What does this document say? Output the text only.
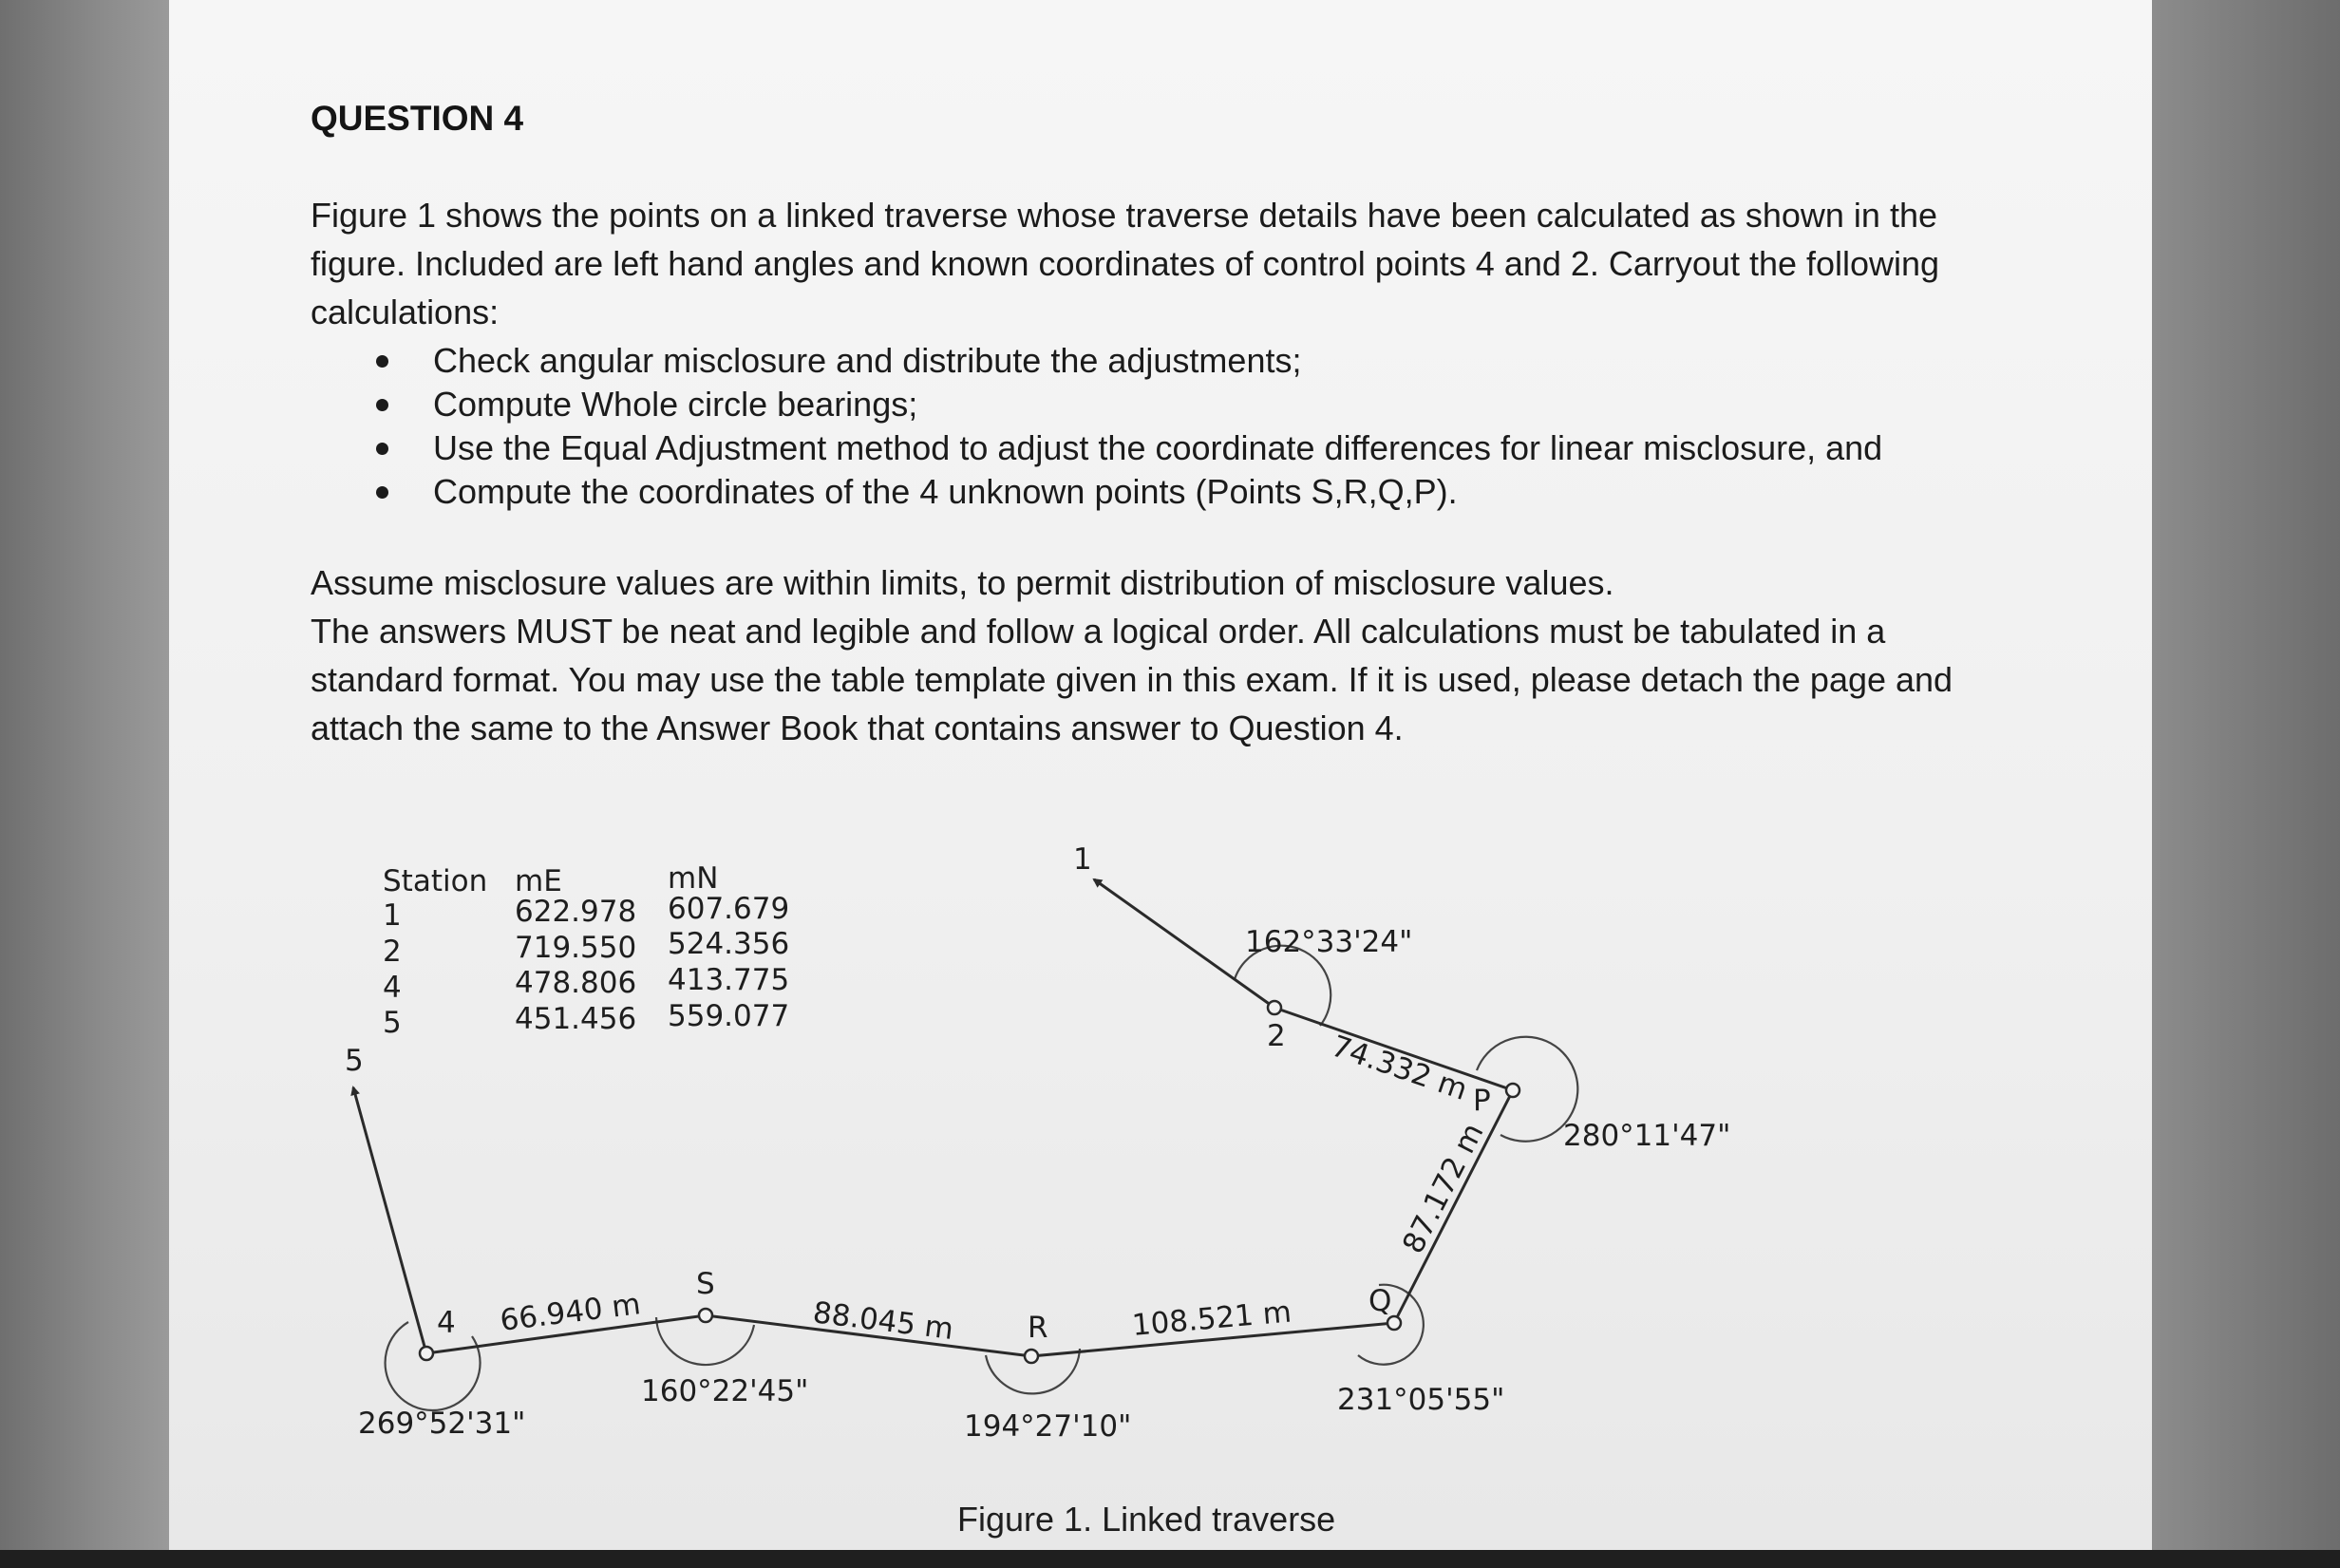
QUESTION 4

Figure 1 shows the points on a linked traverse whose traverse details have been calculated as shown in the figure. Included are left hand angles and known coordinates of control points 4 and 2. Carryout the following calculations:

Check angular misclosure and distribute the adjustments;
Compute Whole circle bearings;
Use the Equal Adjustment method to adjust the coordinate differences for linear misclosure, and
Compute the coordinates of the 4 unknown points (Points S,R,Q,P).
Assume misclosure values are within limits, to permit distribution of misclosure values.
The answers MUST be neat and legible and follow a logical order. All calculations must be tabulated in a standard format. You may use the table template given in this exam. If it is used, please detach the page and attach the same to the Answer Book that contains answer to Question 4.
Station mE	mN
1	622.978 607.679
2	719.550 524.356
4	478.806 413.775
5	451.456 559.077
1
2
4
5
S
R
Q
P
66.940 m	88.045 m	108.521 m
87.172 m
74.332 m
269°52'31"
160°22'45"
194°27'10"
231°05'55"
280°11'47"
162°33'24"
Figure 1. Linked traverse
